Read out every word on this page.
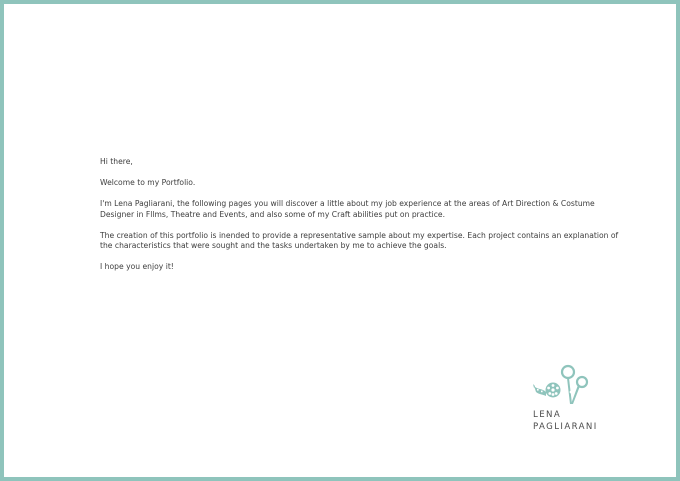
Hi there,

Welcome to my Portfolio.

I'm Lena Pagliarani, the following pages you will discover a little about my job experience at the areas of Art Direction & Costume Designer in Fllms, Theatre and Events, and also some of my Craft abilities put on practice.

The creation of this portfolio is inended to provide a representative sample about my expertise. Each project contains an explanation of the characteristics that were sought and the tasks undertaken by me to achieve the goals.

I hope you enjoy it!

LENA
PAGLIARANI
